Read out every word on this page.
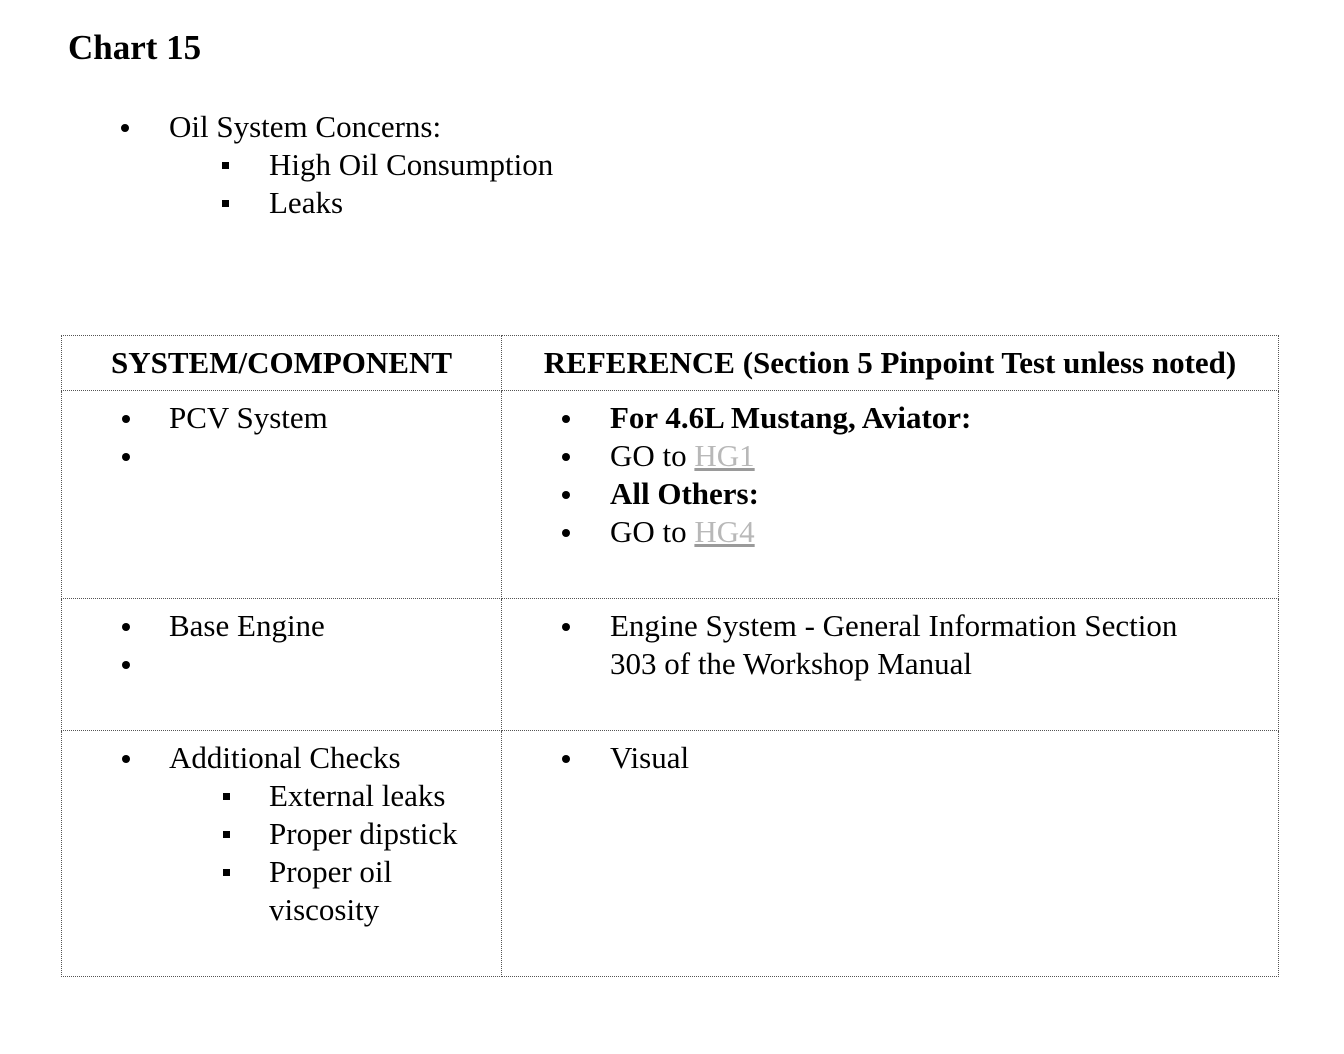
Chart 15
Oil System Concerns:
High Oil Consumption
Leaks
SYSTEM/COMPONENT	REFERENCE (Section 5 Pinpoint Test unless noted)

PCV System	For 4.6L Mustang, Aviator:
GO to HG1
All Others:
GO to HG4

Base Engine	Engine System - General Information Section
303 of the Workshop Manual

Additional Checks
External leaks
Proper dipstick
Proper oil
viscosity	Visual
